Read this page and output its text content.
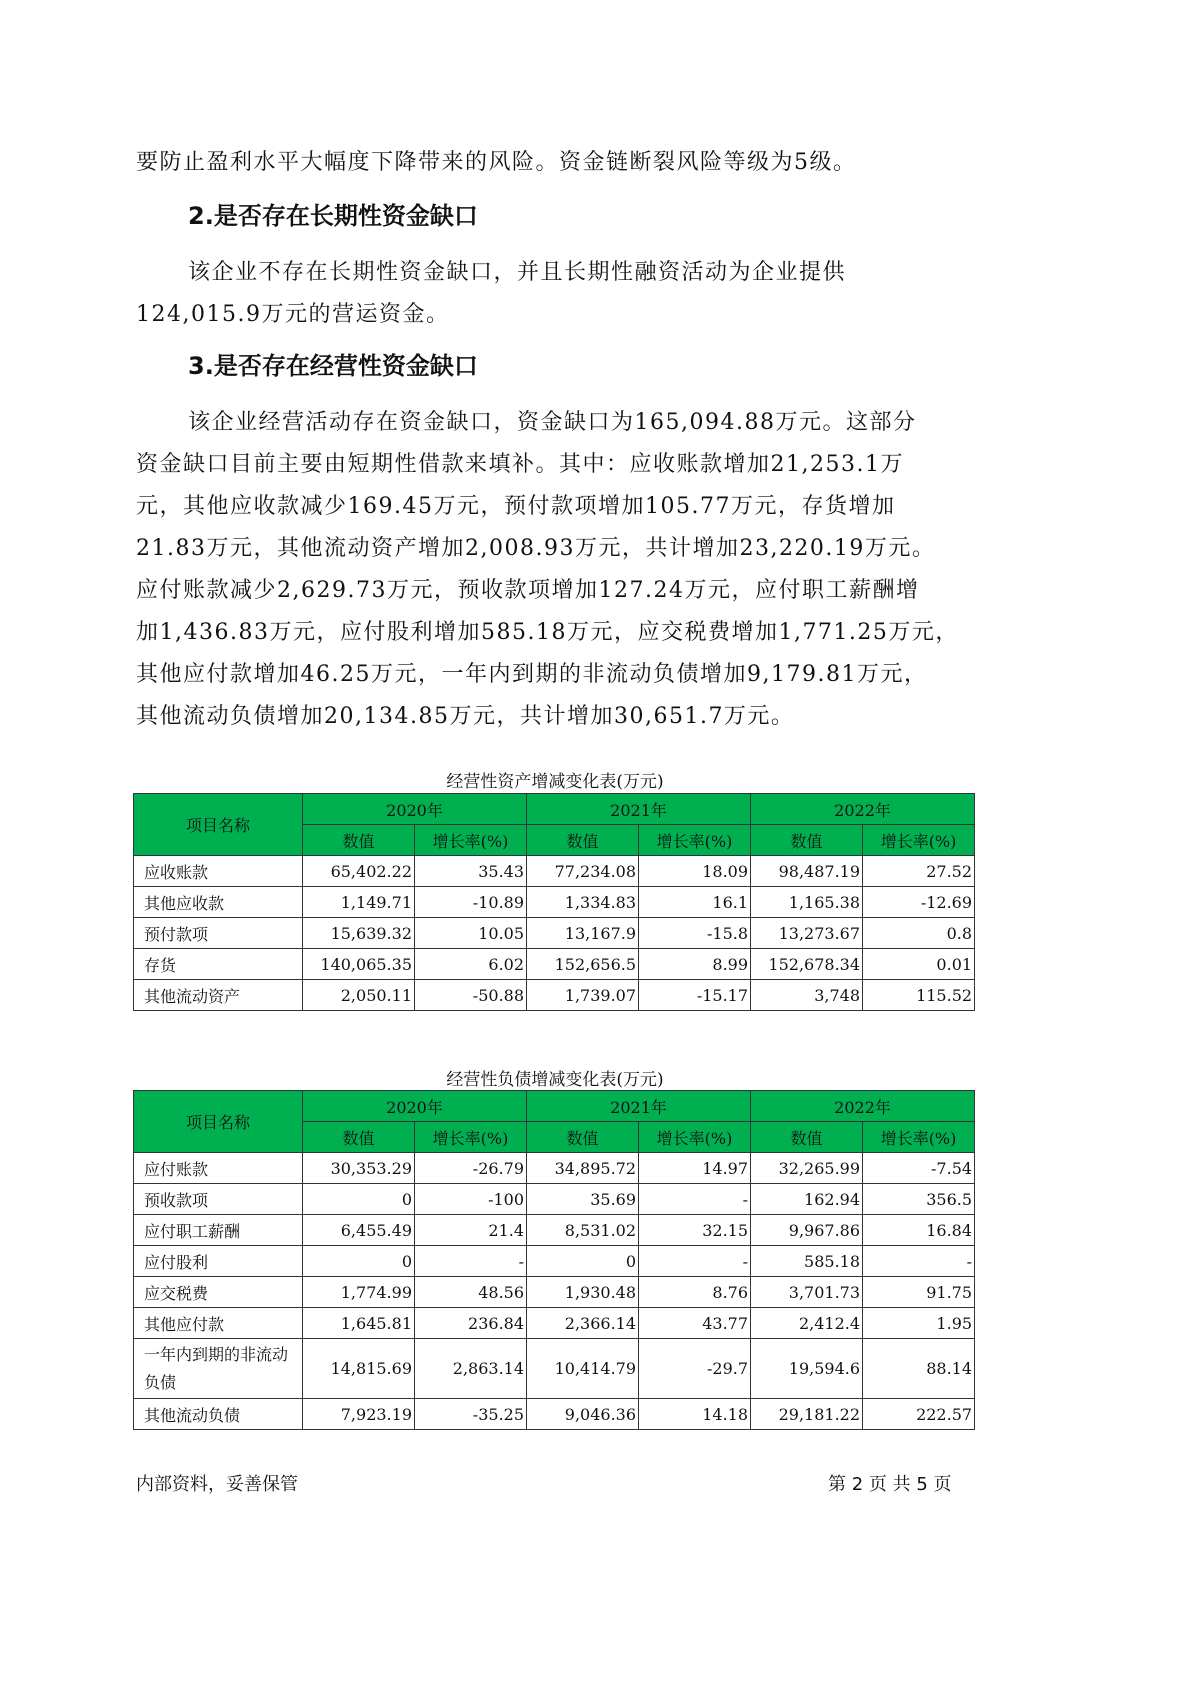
要防止盈利水平大幅度下降带来的风险。资金链断裂风险等级为5级。
2.是否存在长期性资金缺口
该企业不存在长期性资金缺口，并且长期性融资活动为企业提供
124,015.9万元的营运资金。
3.是否存在经营性资金缺口
该企业经营活动存在资金缺口，资金缺口为165,094.88万元。这部分
资金缺口目前主要由短期性借款来填补。其中：应收账款增加21,253.1万
元，其他应收款减少169.45万元，预付款项增加105.77万元，存货增加
21.83万元，其他流动资产增加2,008.93万元，共计增加23,220.19万元。
应付账款减少2,629.73万元，预收款项增加127.24万元，应付职工薪酬增
加1,436.83万元，应付股利增加585.18万元，应交税费增加1,771.25万元，
其他应付款增加46.25万元，一年内到期的非流动负债增加9,179.81万元，
其他流动负债增加20,134.85万元，共计增加30,651.7万元。
经营性资产增减变化表(万元)
项目名称	2020年		2021年		2022年	
	数值	增长率(%)	数值	增长率(%)	数值	增长率(%)
应收账款	65,402.22	35.43	77,234.08	18.09	98,487.19	27.52
其他应收款	1,149.71	-10.89	1,334.83	16.1	1,165.38	-12.69
预付款项	15,639.32	10.05	13,167.9	-15.8	13,273.67	0.8
存货	140,065.35	6.02	152,656.5	8.99	152,678.34	0.01
其他流动资产	2,050.11	-50.88	1,739.07	-15.17	3,748	115.52
经营性负债增减变化表(万元)
项目名称	2020年		2021年		2022年	
	数值	增长率(%)	数值	增长率(%)	数值	增长率(%)
应付账款	30,353.29	-26.79	34,895.72	14.97	32,265.99	-7.54
预收款项	0	-100	35.69	-	162.94	356.5
应付职工薪酬	6,455.49	21.4	8,531.02	32.15	9,967.86	16.84
应付股利	0	-	0	-	585.18	-
应交税费	1,774.99	48.56	1,930.48	8.76	3,701.73	91.75
其他应付款	1,645.81	236.84	2,366.14	43.77	2,412.4	1.95
一年内到期的非流动负债	14,815.69	2,863.14	10,414.79	-29.7	19,594.6	88.14
其他流动负债	7,923.19	-35.25	9,046.36	14.18	29,181.22	222.57
内部资料，妥善保管	第 2 页 共 5 页
